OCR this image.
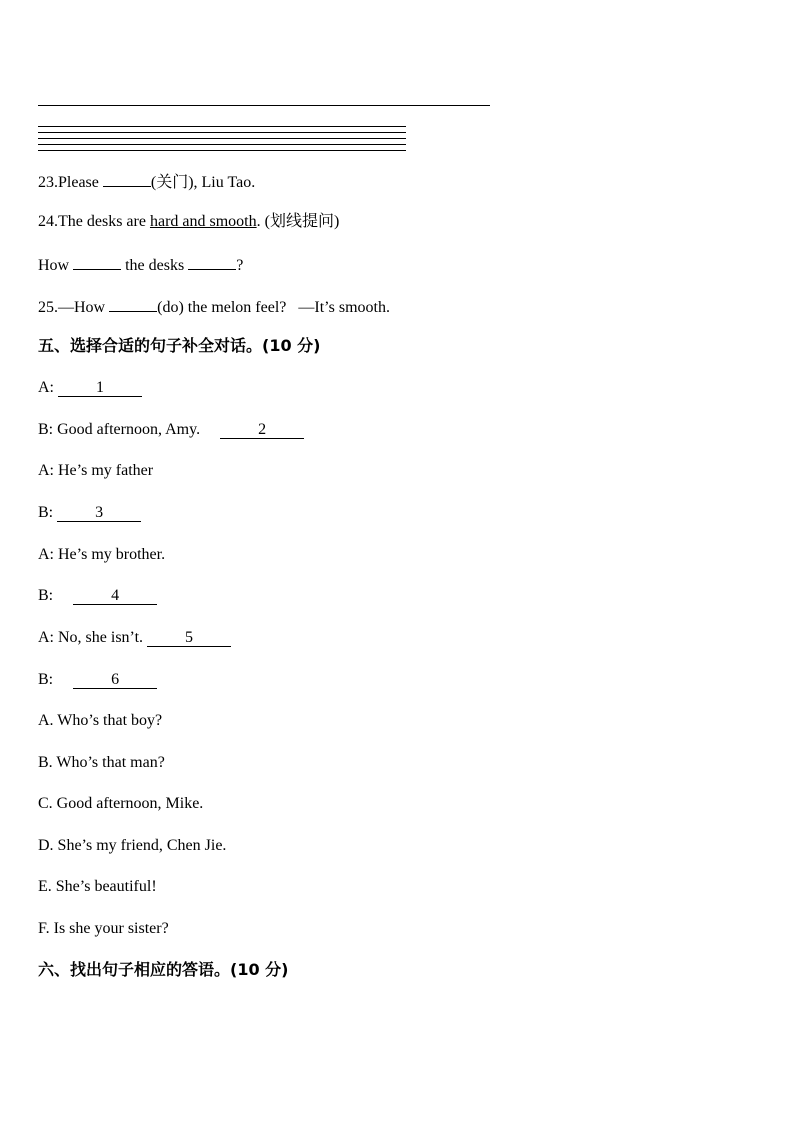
23.Please	(关门), Liu Tao.
24.The desks are hard and smooth. (划线提问)
How	the desks	?
25.—How	(do) the melon feel? —It’s smooth.
五、选择合适的句子补全对话。(10 分)
A:	1
B: Good afternoon, Amy.	2
A: He’s my father
B:	3
A: He’s my brother.
B:	4
A: No, she isn’t.	5
B:	6
A. Who’s that boy?
B. Who’s that man?
C. Good afternoon, Mike.
D. She’s my friend, Chen Jie.
E. She’s beautiful!
F. Is she your sister?
六、找出句子相应的答语。(10 分)
